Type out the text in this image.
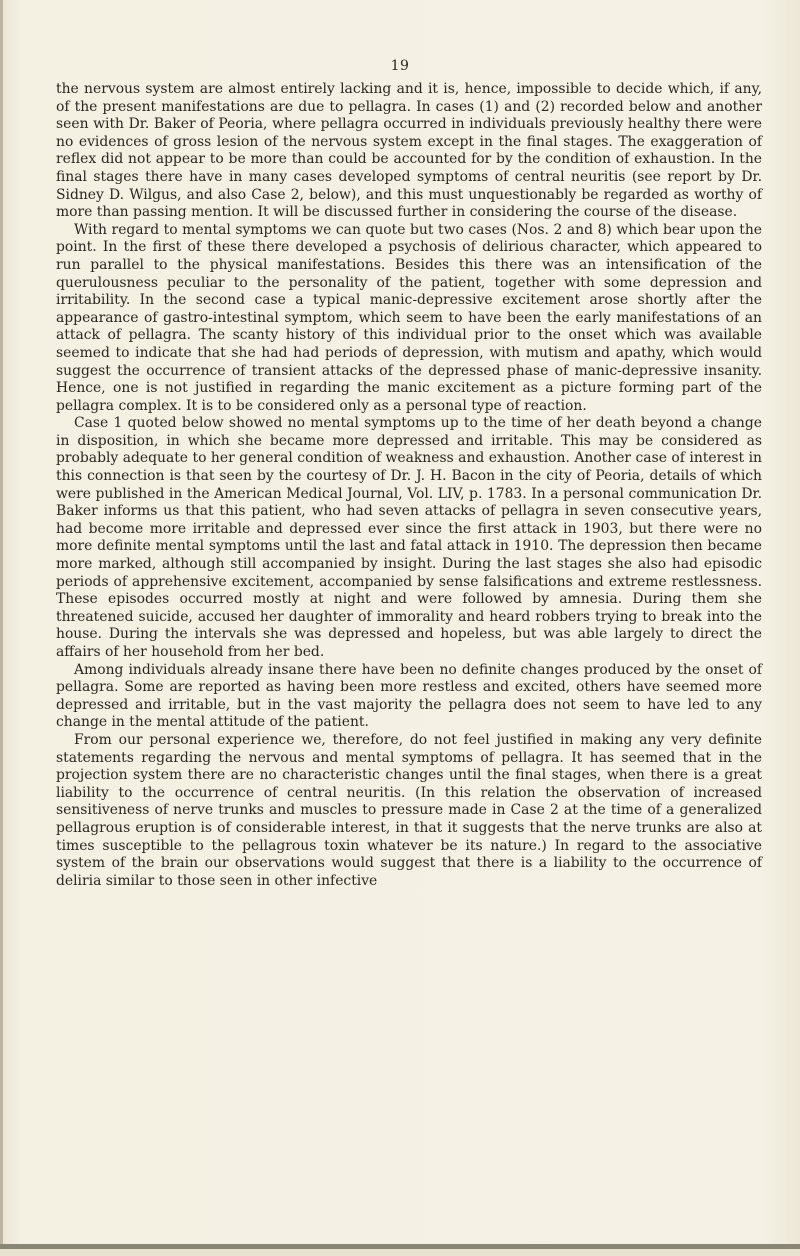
19

the nervous system are almost entirely lacking and it is, hence, impossible to decide which, if any, of the present manifestations are due to pellagra. In cases (1) and (2) recorded below and another seen with Dr. Baker of Peoria, where pellagra occurred in individuals previously healthy there were no evidences of gross lesion of the nervous system except in the final stages. The exaggeration of reflex did not appear to be more than could be accounted for by the condition of exhaustion. In the final stages there have in many cases developed symptoms of central neuritis (see report by Dr. Sidney D. Wilgus, and also Case 2, below), and this must unquestionably be regarded as worthy of more than passing mention. It will be discussed further in considering the course of the disease.

With regard to mental symptoms we can quote but two cases (Nos. 2 and 8) which bear upon the point. In the first of these there developed a psychosis of delirious character, which appeared to run parallel to the physical manifestations. Besides this there was an intensification of the querulousness peculiar to the personality of the patient, together with some depression and irritability. In the second case a typical manic-depressive excitement arose shortly after the appearance of gastro-intestinal symptom, which seem to have been the early manifestations of an attack of pellagra. The scanty history of this individual prior to the onset which was available seemed to indicate that she had had periods of depression, with mutism and apathy, which would suggest the occurrence of transient attacks of the depressed phase of manic-depressive insanity. Hence, one is not justified in regarding the manic excitement as a picture forming part of the pellagra complex. It is to be considered only as a personal type of reaction.

Case 1 quoted below showed no mental symptoms up to the time of her death beyond a change in disposition, in which she became more depressed and irritable. This may be considered as probably adequate to her general condition of weakness and exhaustion. Another case of interest in this connection is that seen by the courtesy of Dr. J. H. Bacon in the city of Peoria, details of which were published in the American Medical Journal, Vol. LIV, p. 1783. In a personal communication Dr. Baker informs us that this patient, who had seven attacks of pellagra in seven consecutive years, had become more irritable and depressed ever since the first attack in 1903, but there were no more definite mental symptoms until the last and fatal attack in 1910. The depression then became more marked, although still accompanied by insight. During the last stages she also had episodic periods of apprehensive excitement, accompanied by sense falsifications and extreme restlessness. These episodes occurred mostly at night and were followed by amnesia. During them she threatened suicide, accused her daughter of immorality and heard robbers trying to break into the house. During the intervals she was depressed and hopeless, but was able largely to direct the affairs of her household from her bed.

Among individuals already insane there have been no definite changes produced by the onset of pellagra. Some are reported as having been more restless and excited, others have seemed more depressed and irritable, but in the vast majority the pellagra does not seem to have led to any change in the mental attitude of the patient.

From our personal experience we, therefore, do not feel justified in making any very definite statements regarding the nervous and mental symptoms of pellagra. It has seemed that in the projection system there are no characteristic changes until the final stages, when there is a great liability to the occurrence of central neuritis. (In this relation the observation of increased sensitiveness of nerve trunks and muscles to pressure made in Case 2 at the time of a generalized pellagrous eruption is of considerable interest, in that it suggests that the nerve trunks are also at times susceptible to the pellagrous toxin whatever be its nature.) In regard to the associative system of the brain our observations would suggest that there is a liability to the occurrence of deliria similar to those seen in other infective
